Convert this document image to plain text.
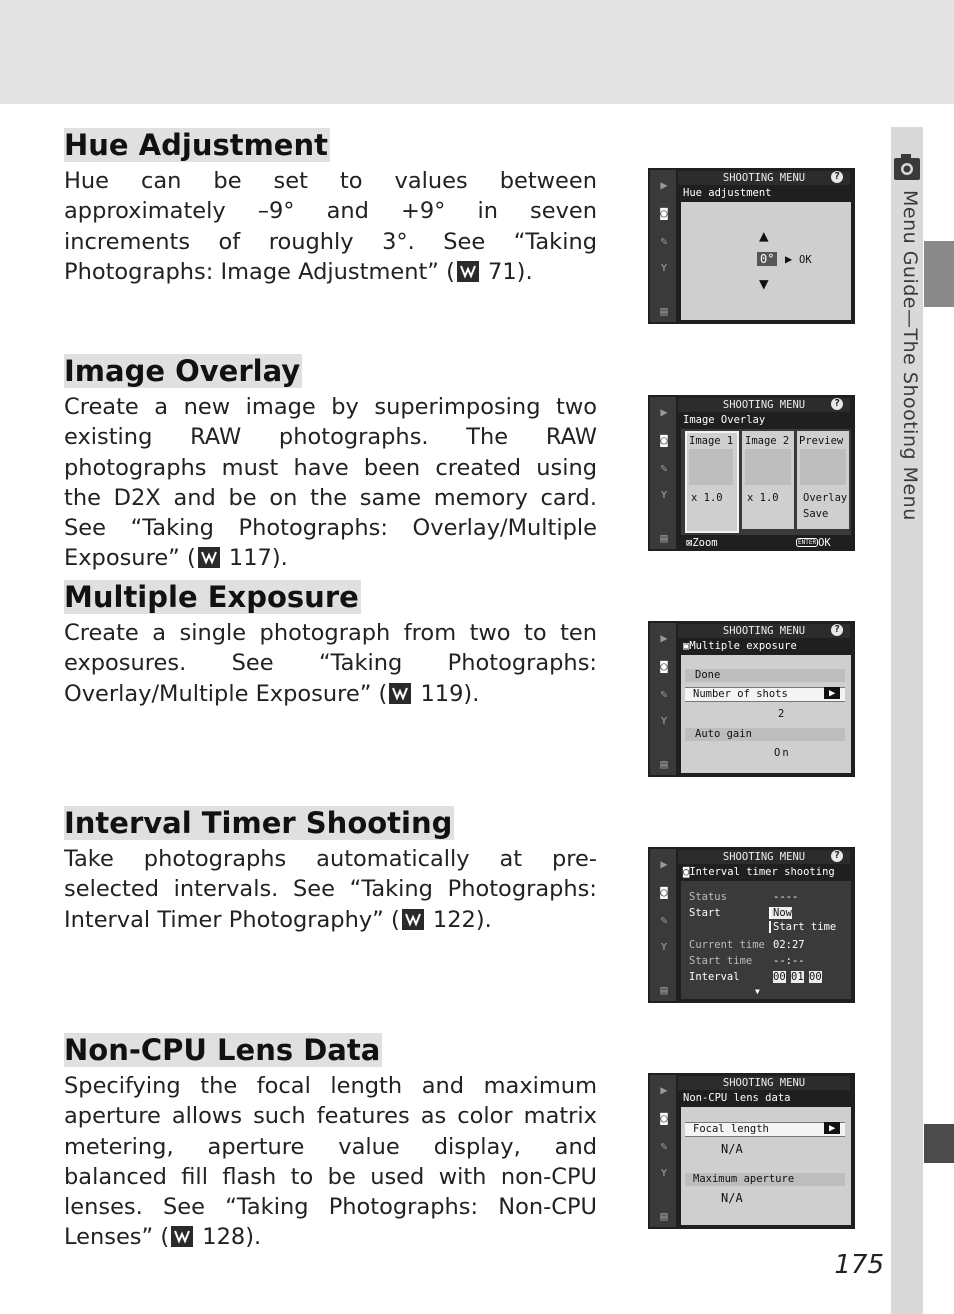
Menu Guide—The Shooting Menu
Hue Adjustment

Hue can be set to values between approximately –9° and +9° in seven increments of roughly 3°. See “Taking Photographs: Image Adjustment” ( 71).

Image Overlay

Create a new image by superimposing two existing RAW photographs. The RAW photographs must have been created using the D2X and be on the same memory card. See “Taking Photographs: Overlay/Multiple Exposure” ( 117).

Multiple Exposure

Create a single photograph from two to ten exposures. See “Taking Photographs: Overlay/Multiple Exposure” ( 119).

Interval Timer Shooting

Take photographs automatically at pre-selected intervals. See “Taking Photographs: Interval Timer Photography” ( 122).

Non-CPU Lens Data

Specifying the focal length and maximum aperture allows such features as color matrix metering, aperture value display, and balanced fill flash to be used with non-CPU lenses. See “Taking Photographs: Non-CPU Lenses” ( 128).

▶
◙
✎
ʏ
▤
SHOOTING MENU	?
Hue adjustment
▲
0° ▶ OK
▼
▶
◙
✎
ʏ
▤
SHOOTING MENU	?
Image Overlay
Image 1 Image 2 Preview
x 1.0 x 1.0 Overlay
Save
⊠Zoom	ENTER OK
▶
◙
✎
ʏ
▤
SHOOTING MENU	?
▣Multiple exposure
Done
Number of shots	▶
2
Auto gain
On
▶
◙
✎
ʏ
▤
SHOOTING MENU	?
◙Interval timer shooting
Status	----
Start	Now
Start time
Current time 02:27
Start time --:--
Interval	00 01 00
▼
▶
◙
✎
ʏ
▤
SHOOTING MENU
Non-CPU lens data
Focal length	▶
N/A
Maximum aperture
N/A
175
